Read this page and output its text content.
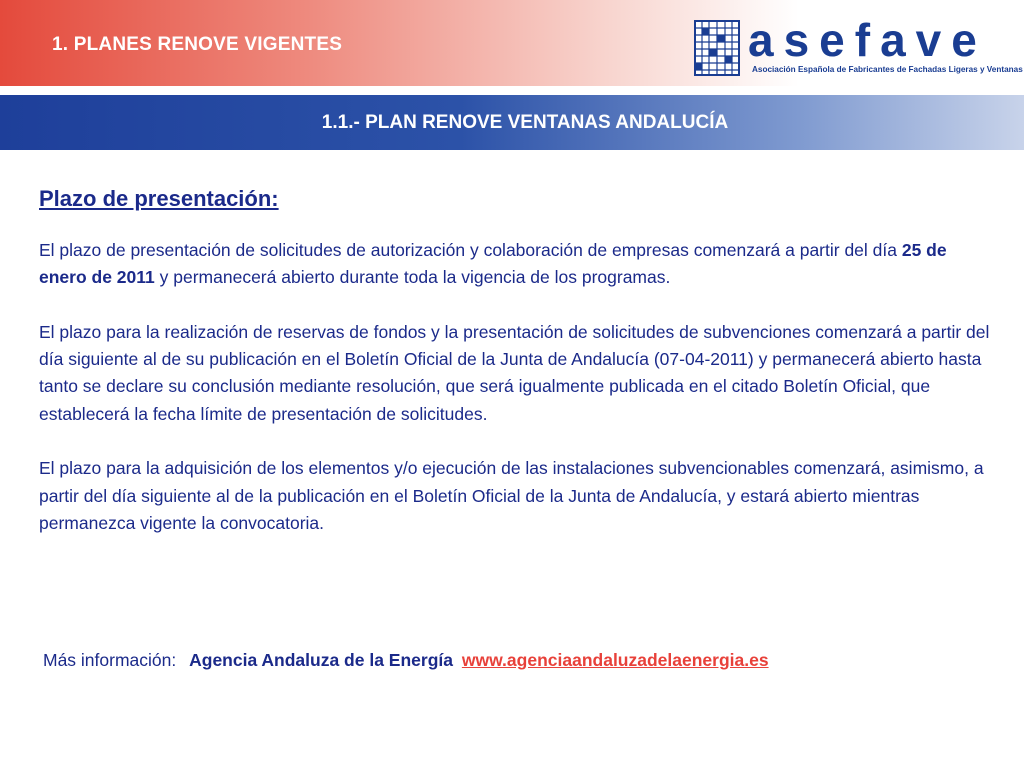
1. PLANES RENOVE VIGENTES	asefave
Asociación Española de Fabricantes de Fachadas Ligeras y Ventanas
1.1.- PLAN RENOVE VENTANAS ANDALUCÍA
Plazo de presentación:

El plazo de presentación de solicitudes de autorización y colaboración de empresas comenzará a partir del día 25 de enero de 2011 y permanecerá abierto durante toda la vigencia de los programas.

El plazo para la realización de reservas de fondos y la presentación de solicitudes de subvenciones comenzará a partir del día siguiente al de su publicación en el Boletín Oficial de la Junta de Andalucía (07-04-2011) y permanecerá abierto hasta tanto se declare su conclusión mediante resolución, que será igualmente publicada en el citado Boletín Oficial, que establecerá la fecha límite de presentación de solicitudes.

El plazo para la adquisición de los elementos y/o ejecución de las instalaciones subvencionables comenzará, asimismo, a partir del día siguiente al de la publicación en el Boletín Oficial de la Junta de Andalucía, y estará abierto mientras permanezca vigente la convocatoria.

Más información: Agencia Andaluza de la Energía www.agenciaandaluzadelaenergia.es
